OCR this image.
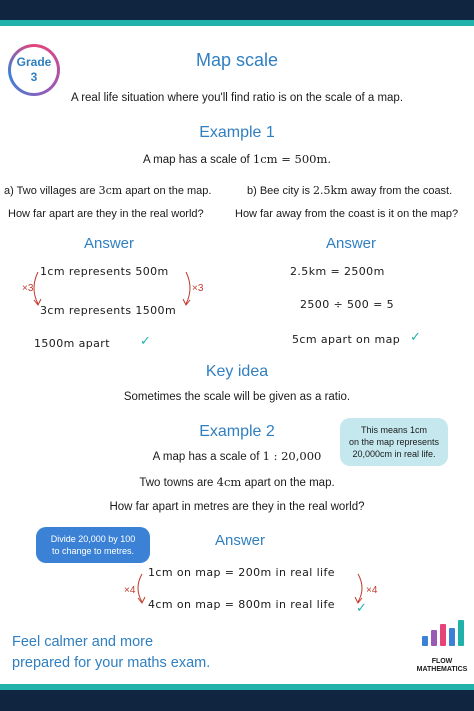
Grade
3
Map scale
A real life situation where you'll find ratio is on the scale of a map.
Example 1
A map has a scale of 1cm = 500m.
a) Two villages are 3cm apart on the map.
How far apart are they in the real world?
b) Bee city is 2.5km away from the coast.
How far away from the coast is it on the map?
Answer	Answer
1cm represents 500m
×3	×3
3cm represents 1500m
1500m apart ✓
2.5km = 2500m
2500 ÷ 500 = 5
5cm apart on map ✓
Key idea
Sometimes the scale will be given as a ratio.
Example 2	This means 1cm
on the map represents
20,000cm in real life.
A map has a scale of 1 : 20,000
Two towns are 4cm apart on the map.
How far apart in metres are they in the real world?
Divide 20,000 by 100
to change to metres.
Answer
1cm on map = 200m in real life
×4	×4
4cm on map = 800m in real life ✓
Feel calmer and more
prepared for your maths exam.	FLOW
MATHEMATICS
